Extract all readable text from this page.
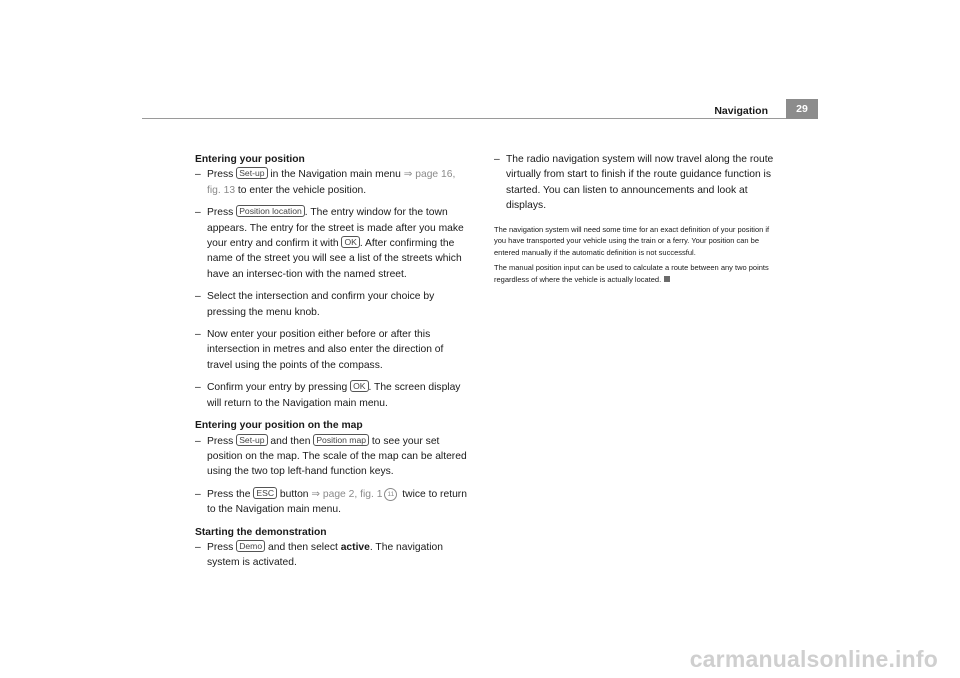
Navigation	29

Entering your position

– Press Set-up in the Navigation main menu ⇒ page 16, fig. 13 to enter the vehicle position.

– Press Position location . The entry window for the town appears. The entry for the street is made after you make your entry and confirm it with OK . After confirming the name of the street you will see a list of the streets which have an intersec-tion with the named street.

– Select the intersection and confirm your choice by pressing the menu knob.

– Now enter your position either before or after this intersection in metres and also enter the direction of travel using the points of the compass.

– Confirm your entry by pressing OK . The screen display will return to the Navigation main menu.

Entering your position on the map

– Press Set-up and then Position map to see your set position on the map. The scale of the map can be altered using the two top left-hand function keys.

– Press the ESC button ⇒ page 2, fig. 1 11 twice to return to the Navigation main menu.

Starting the demonstration

– Press Demo and then select active. The navigation system is activated.

– The radio navigation system will now travel along the route virtually from start to finish if the route guidance function is started. You can listen to announcements and look at displays.

The navigation system will need some time for an exact definition of your position if you have transported your vehicle using the train or a ferry. Your position can be entered manually if the automatic definition is not successful.

The manual position input can be used to calculate a route between any two points regardless of where the vehicle is actually located.

carmanualsonline.info
